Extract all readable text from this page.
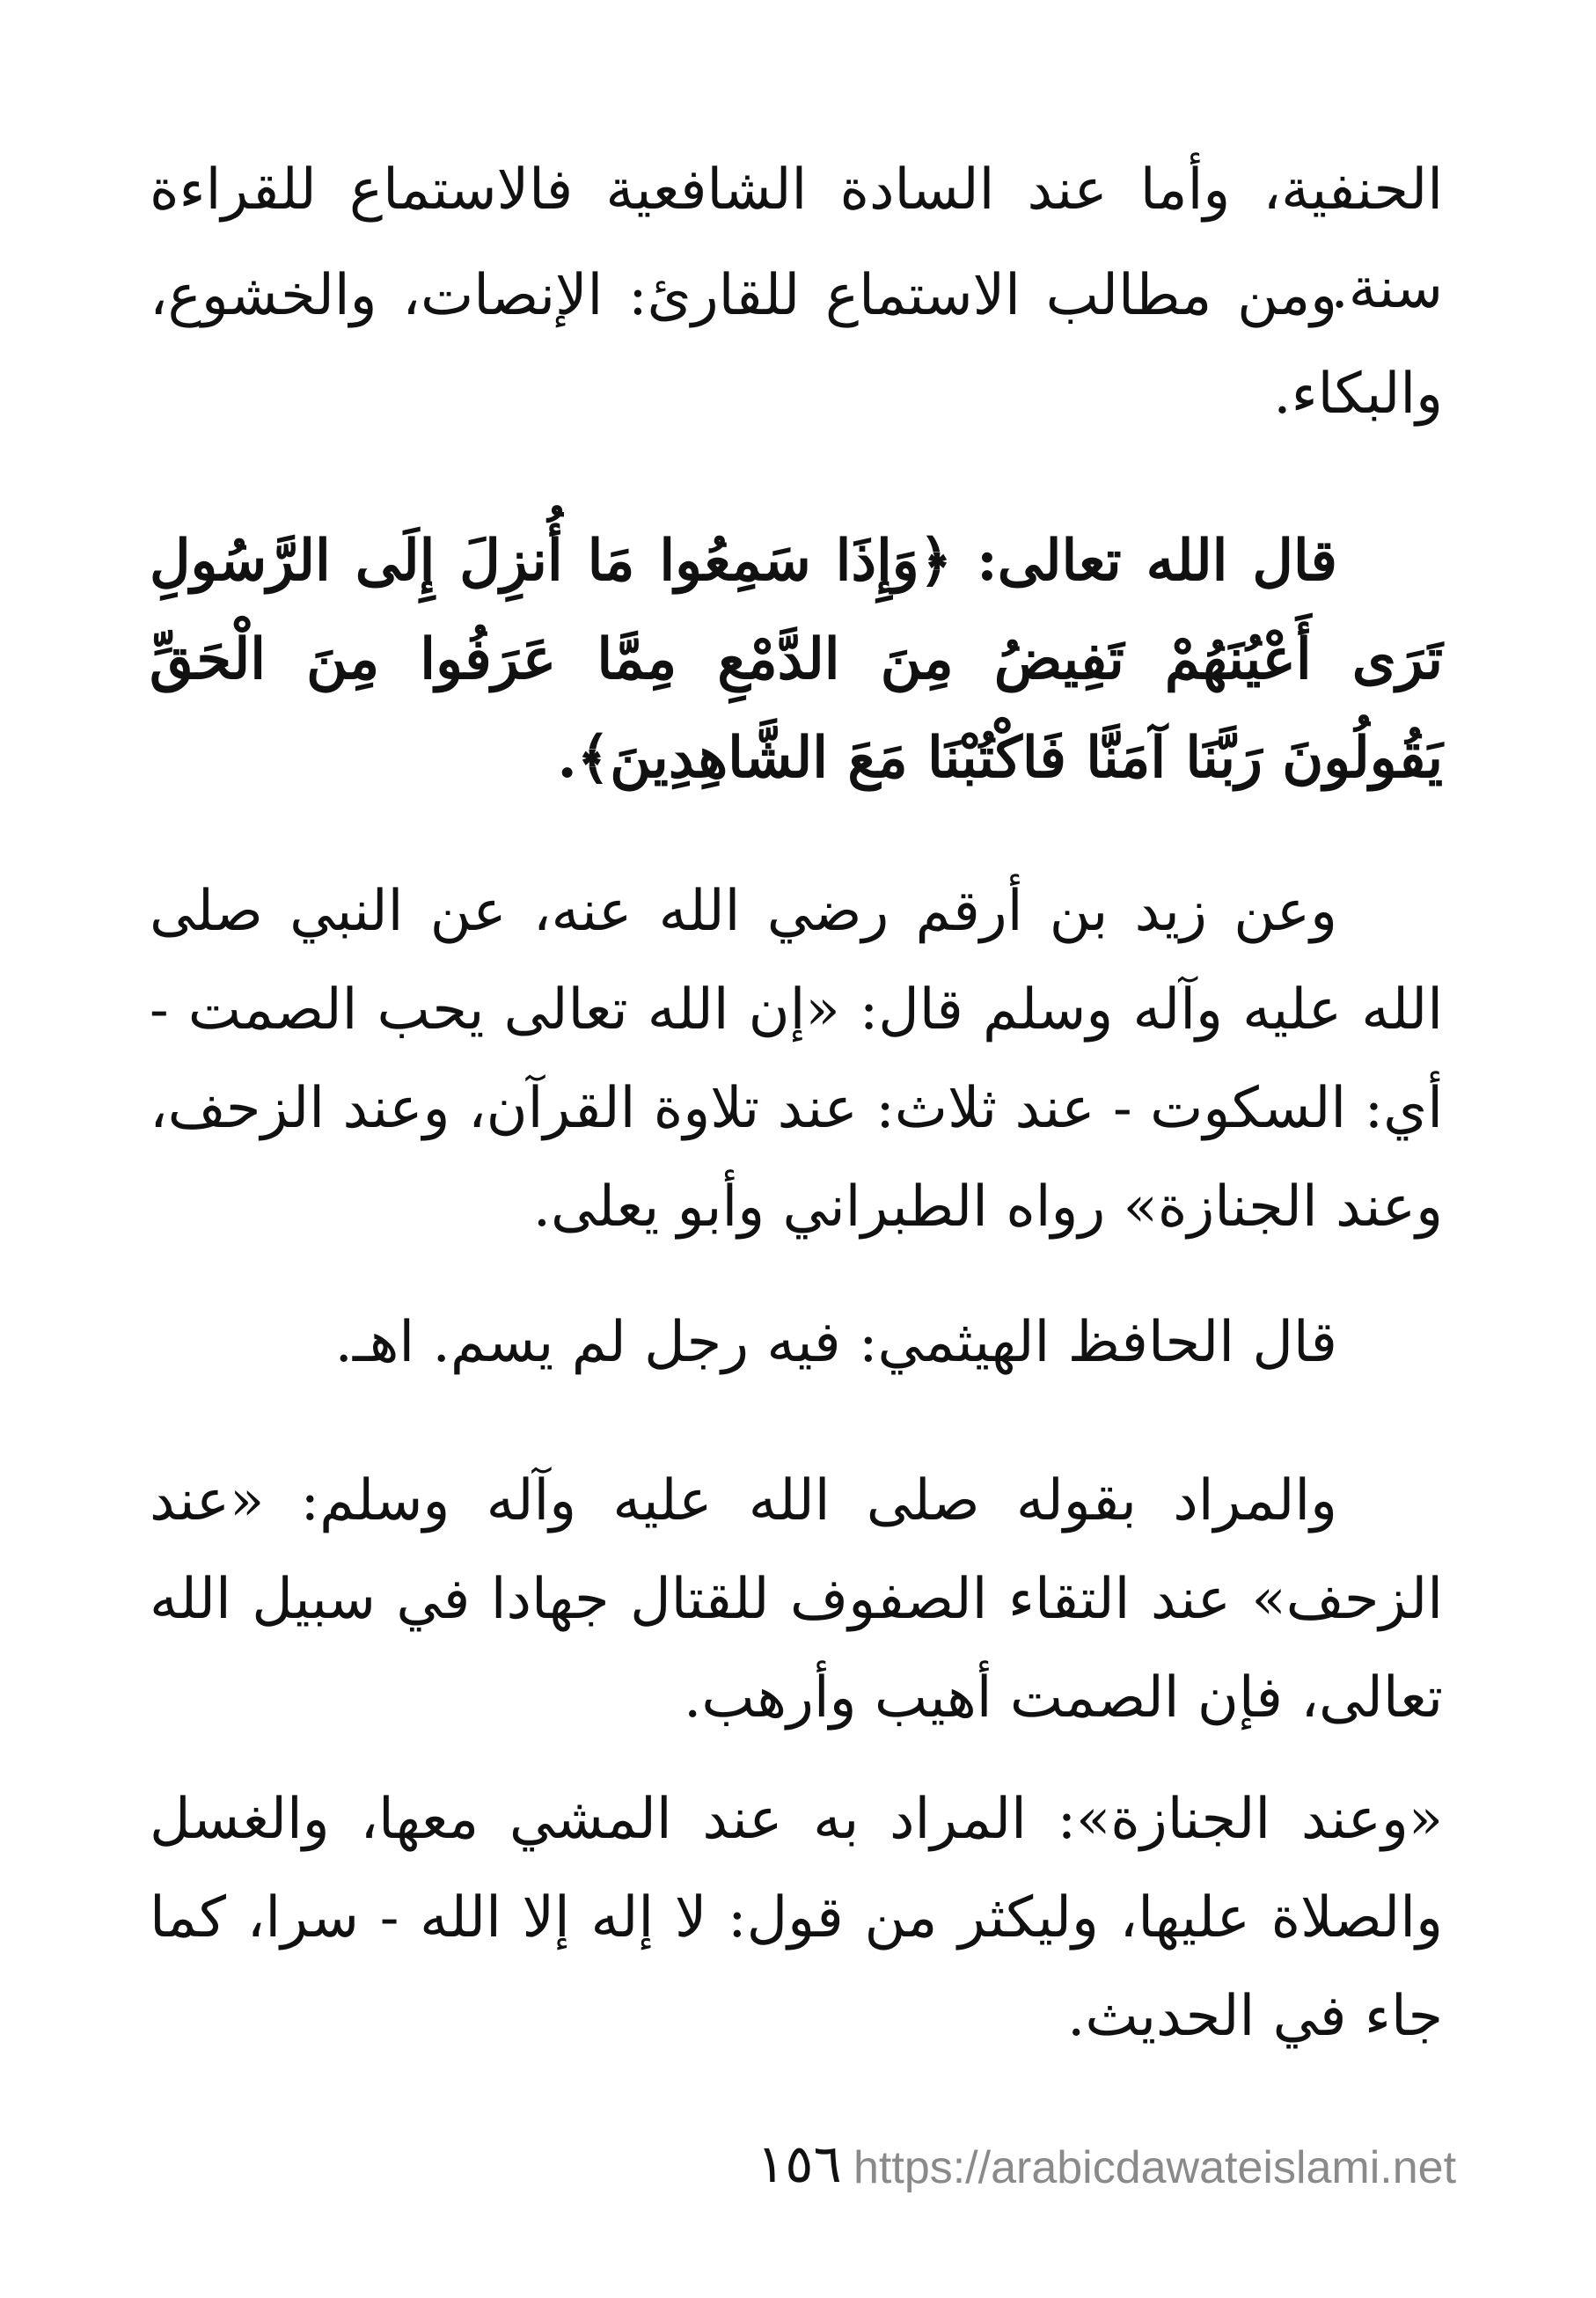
الحنفية، وأما عند السادة الشافعية فالاستماع للقراءة سنة.

ومن مطالب الاستماع للقارئ: الإنصات، والخشوع، والبكاء.

قال الله تعالى: ﴿وَإِذَا سَمِعُوا مَا أُنزِلَ إِلَى الرَّسُولِ تَرَى أَعْيُنَهُمْ تَفِيضُ مِنَ الدَّمْعِ مِمَّا عَرَفُوا مِنَ الْحَقِّ يَقُولُونَ رَبَّنَا آمَنَّا فَاكْتُبْنَا مَعَ الشَّاهِدِينَ﴾.

وعن زيد بن أرقم رضي الله عنه، عن النبي صلى الله عليه وآله وسلم قال: «إن الله تعالى يحب الصمت - أي: السكوت - عند ثلاث: عند تلاوة القرآن، وعند الزحف، وعند الجنازة» رواه الطبراني وأبو يعلى.

قال الحافظ الهيثمي: فيه رجل لم يسم. اهـ.

والمراد بقوله صلى الله عليه وآله وسلم: «عند الزحف» عند التقاء الصفوف للقتال جهادا في سبيل الله تعالى، فإن الصمت أهيب وأرهب.

«وعند الجنازة»: المراد به عند المشي معها، والغسل والصلاة عليها، وليكثر من قول: لا إله إلا الله - سرا، كما جاء في الحديث.

١٥٦ https://arabicdawateislami.net
